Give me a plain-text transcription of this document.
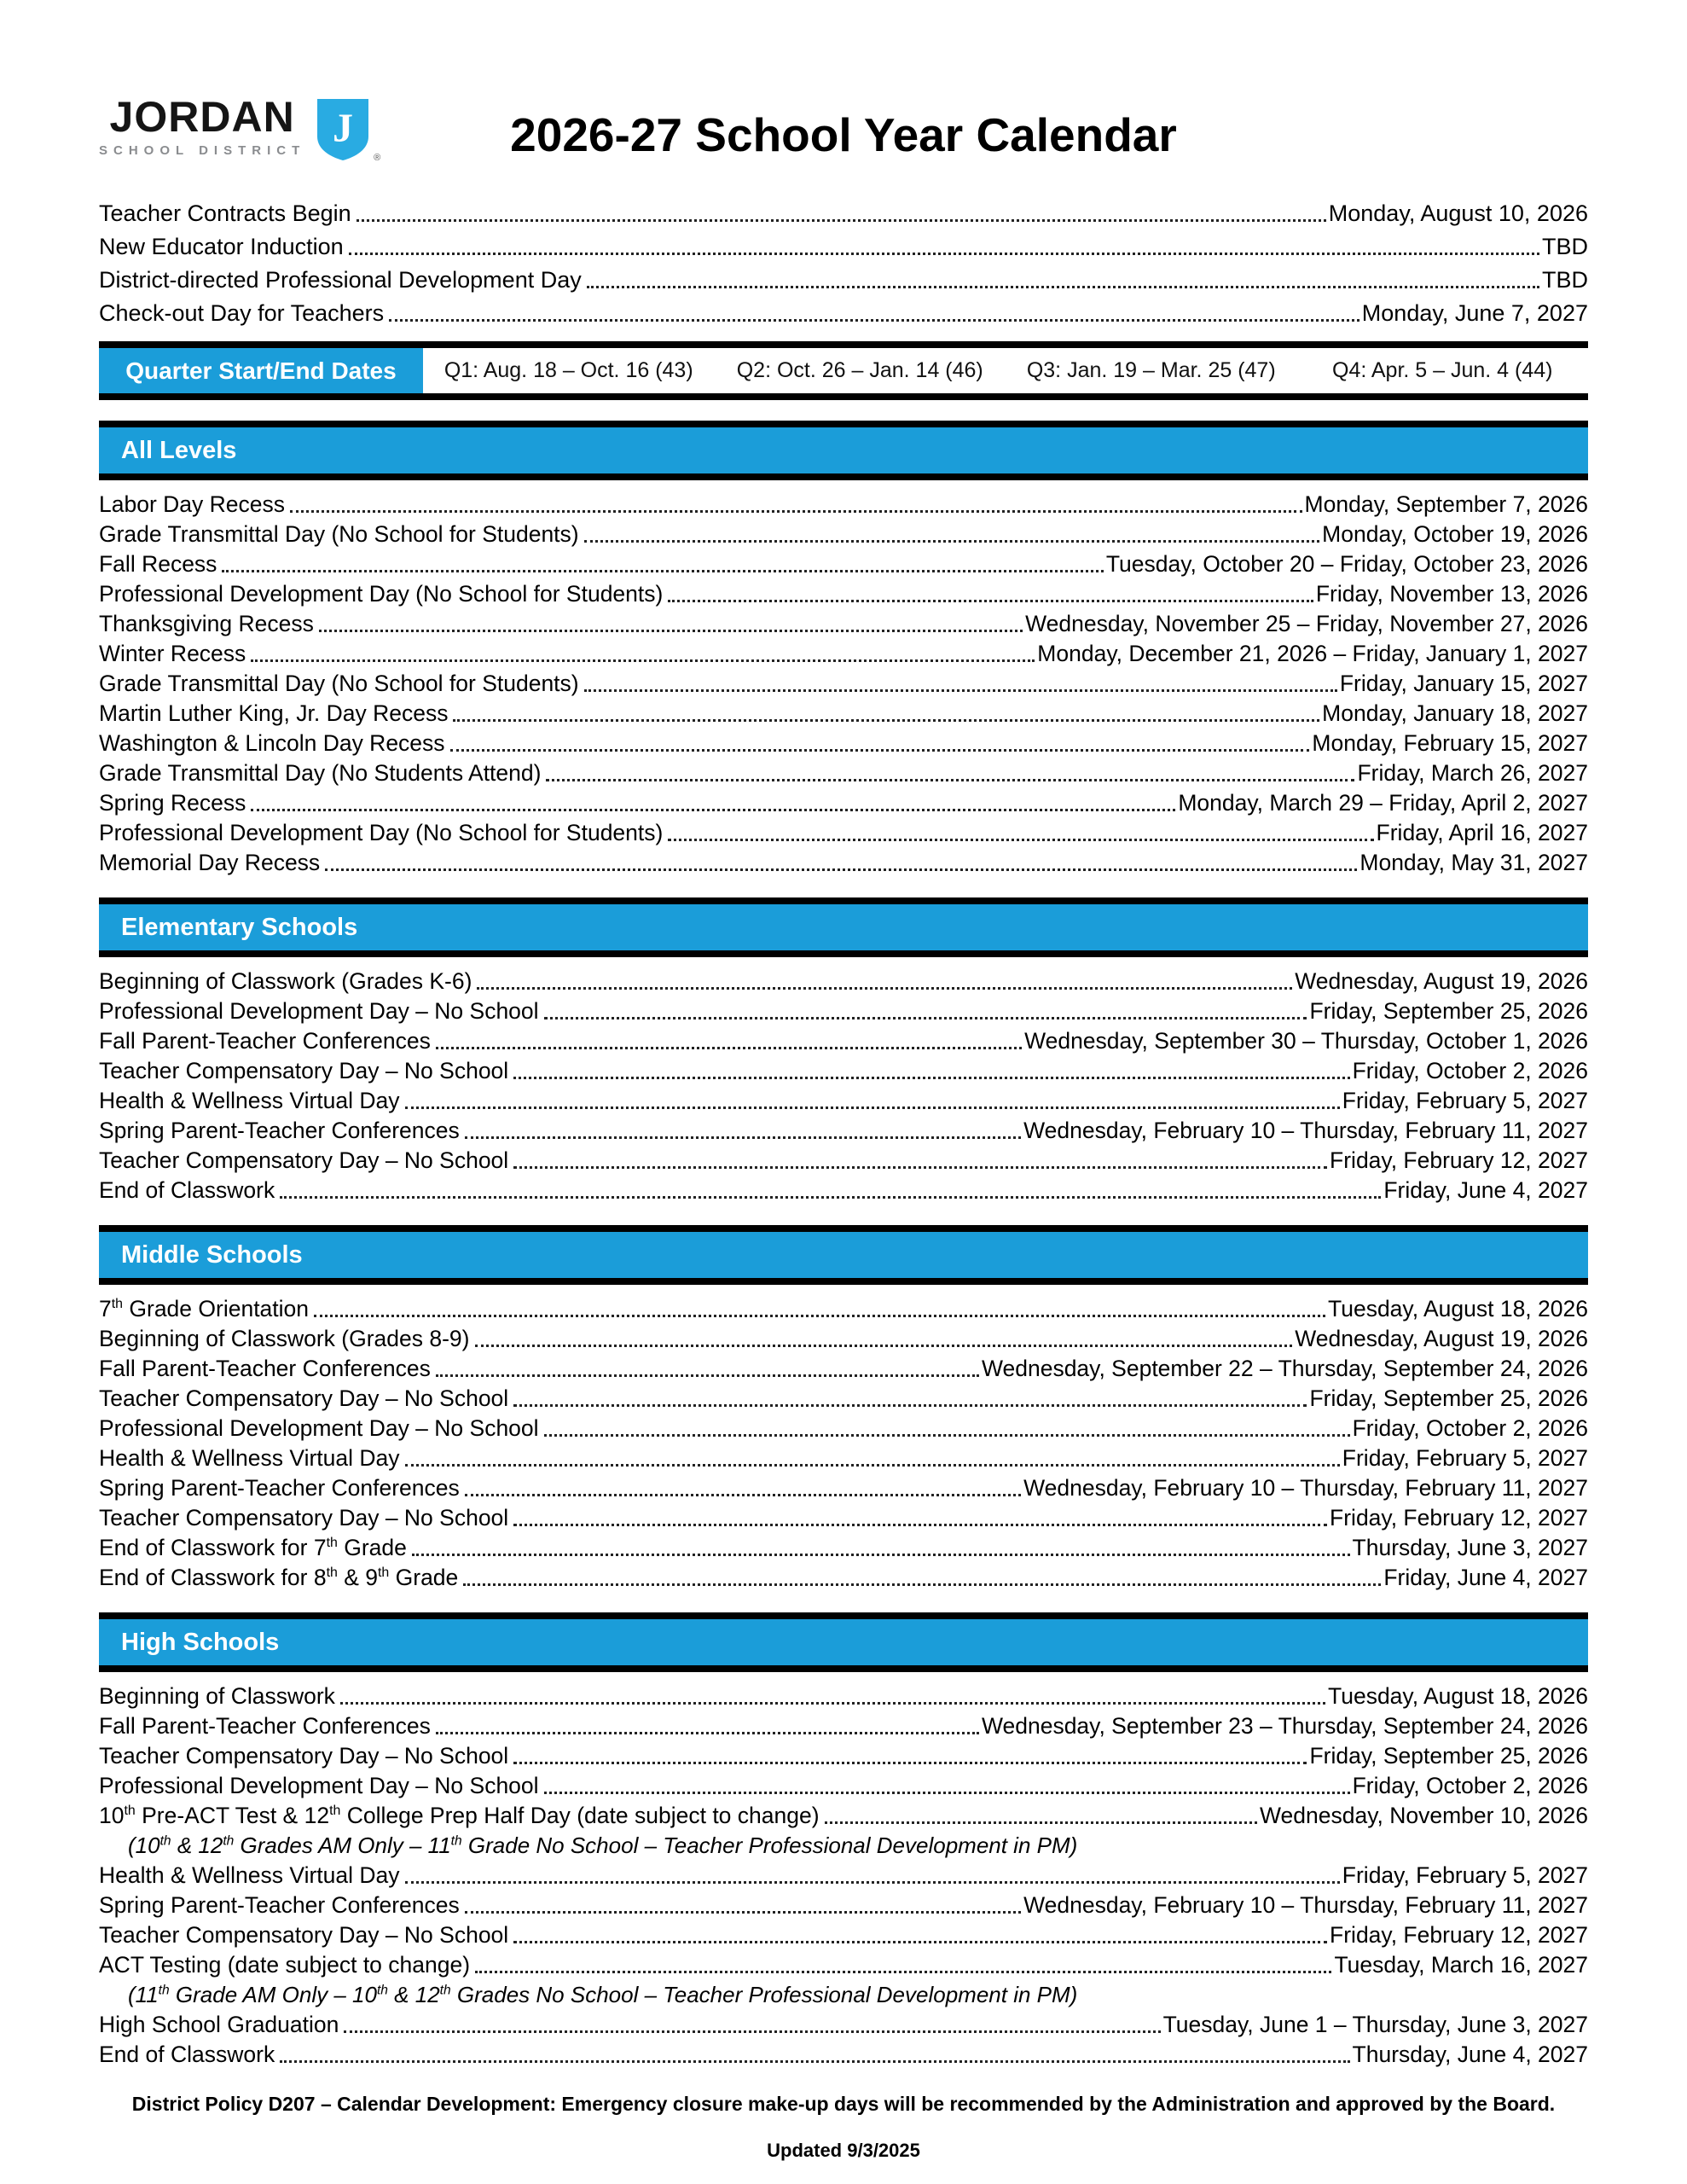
JORDAN
SCHOOL DISTRICT J
®	2026-27 School Year Calendar
Teacher Contracts Begin	Monday, August 10, 2026
New Educator Induction	TBD
District-directed Professional Development Day	TBD
Check-out Day for Teachers	Monday, June 7, 2027
Quarter Start/End Dates	Q1: Aug. 18 – Oct. 16 (43)	Q2: Oct. 26 – Jan. 14 (46)	Q3: Jan. 19 – Mar. 25 (47)	Q4: Apr. 5 – Jun. 4 (44)
All Levels
Labor Day Recess	Monday, September 7, 2026
Grade Transmittal Day (No School for Students)	Monday, October 19, 2026
Fall Recess	Tuesday, October 20 – Friday, October 23, 2026
Professional Development Day (No School for Students)	Friday, November 13, 2026
Thanksgiving Recess	Wednesday, November 25 – Friday, November 27, 2026
Winter Recess	Monday, December 21, 2026 – Friday, January 1, 2027
Grade Transmittal Day (No School for Students)	Friday, January 15, 2027
Martin Luther King, Jr. Day Recess	Monday, January 18, 2027
Washington & Lincoln Day Recess	Monday, February 15, 2027
Grade Transmittal Day (No Students Attend)	Friday, March 26, 2027
Spring Recess	Monday, March 29 – Friday, April 2, 2027
Professional Development Day (No School for Students)	Friday, April 16, 2027
Memorial Day Recess	Monday, May 31, 2027
Elementary Schools
Beginning of Classwork (Grades K-6)	Wednesday, August 19, 2026
Professional Development Day – No School	Friday, September 25, 2026
Fall Parent-Teacher Conferences	Wednesday, September 30 – Thursday, October 1, 2026
Teacher Compensatory Day – No School	Friday, October 2, 2026
Health & Wellness Virtual Day	Friday, February 5, 2027
Spring Parent-Teacher Conferences	Wednesday, February 10 – Thursday, February 11, 2027
Teacher Compensatory Day – No School	Friday, February 12, 2027
End of Classwork	Friday, June 4, 2027
Middle Schools
7th Grade Orientation	Tuesday, August 18, 2026
Beginning of Classwork (Grades 8-9)	Wednesday, August 19, 2026
Fall Parent-Teacher Conferences	Wednesday, September 22 – Thursday, September 24, 2026
Teacher Compensatory Day – No School	Friday, September 25, 2026
Professional Development Day – No School	Friday, October 2, 2026
Health & Wellness Virtual Day	Friday, February 5, 2027
Spring Parent-Teacher Conferences	Wednesday, February 10 – Thursday, February 11, 2027
Teacher Compensatory Day – No School	Friday, February 12, 2027
End of Classwork for 7th Grade	Thursday, June 3, 2027
End of Classwork for 8th & 9th Grade	Friday, June 4, 2027
High Schools
Beginning of Classwork	Tuesday, August 18, 2026
Fall Parent-Teacher Conferences	Wednesday, September 23 – Thursday, September 24, 2026
Teacher Compensatory Day – No School	Friday, September 25, 2026
Professional Development Day – No School	Friday, October 2, 2026
10th Pre-ACT Test & 12th College Prep Half Day (date subject to change)	Wednesday, November 10, 2026
(10th & 12th Grades AM Only – 11th Grade No School – Teacher Professional Development in PM)
Health & Wellness Virtual Day	Friday, February 5, 2027
Spring Parent-Teacher Conferences	Wednesday, February 10 – Thursday, February 11, 2027
Teacher Compensatory Day – No School	Friday, February 12, 2027
ACT Testing (date subject to change)	Tuesday, March 16, 2027
(11th Grade AM Only – 10th & 12th Grades No School – Teacher Professional Development in PM)
High School Graduation	Tuesday, June 1 – Thursday, June 3, 2027
End of Classwork	Thursday, June 4, 2027

District Policy D207 – Calendar Development: Emergency closure make-up days will be recommended by the Administration and approved by the Board.

Updated 9/3/2025
